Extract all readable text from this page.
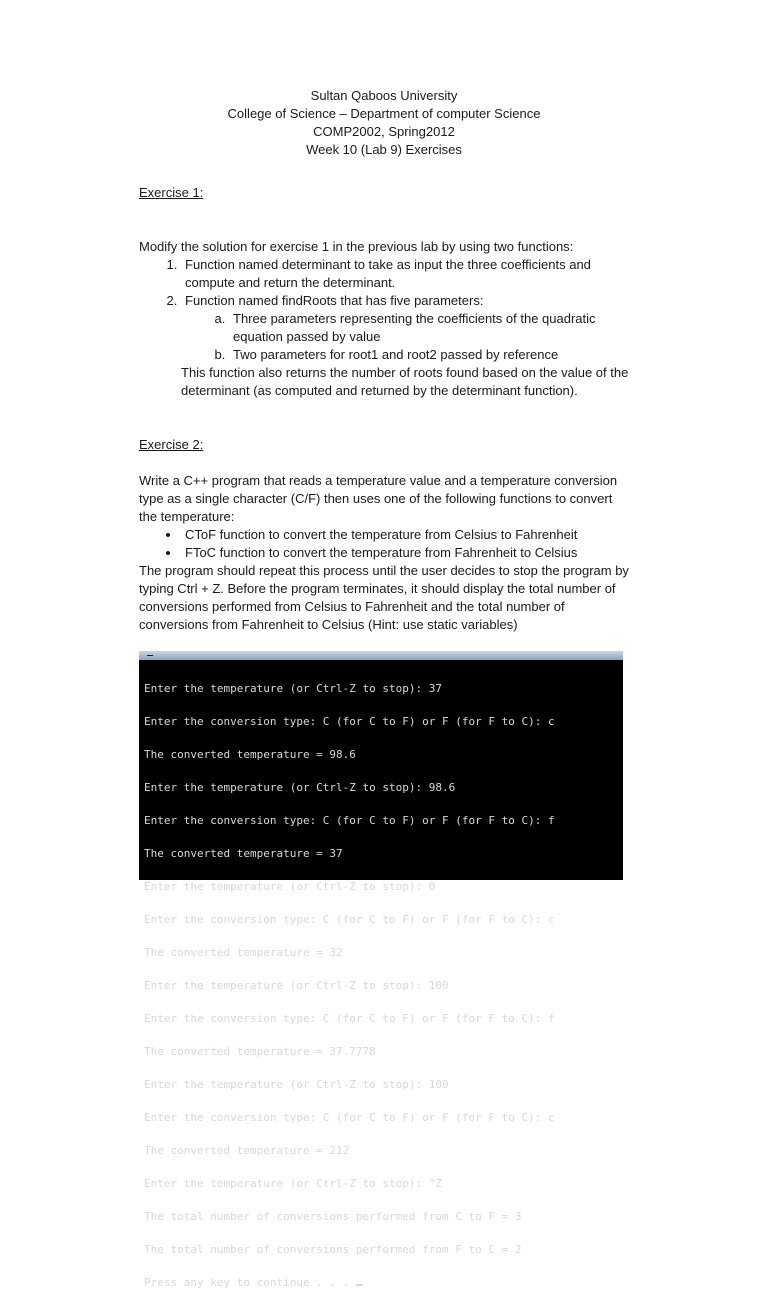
Sultan Qaboos University
College of Science – Department of computer Science
COMP2002, Spring2012
Week 10 (Lab 9) Exercises

Exercise 1:

Modify the solution for exercise 1 in the previous lab by using two functions:

1. Function named determinant to take as input the three coefficients and compute and return the determinant.
2. Function named findRoots that has five parameters:
a. Three parameters representing the coefficients of the quadratic equation passed by value
b. Two parameters for root1 and root2 passed by reference

This function also returns the number of roots found based on the value of the determinant (as computed and returned by the determinant function).

Exercise 2:

Write a C++ program that reads a temperature value and a temperature conversion type as a single character (C/F) then uses one of the following functions to convert the temperature:

• CToF function to convert the temperature from Celsius to Fahrenheit
• FToC function to convert the temperature from Fahrenheit to Celsius

The program should repeat this process until the user decides to stop the program by typing Ctrl + Z. Before the program terminates, it should display the total number of conversions performed from Celsius to Fahrenheit and the total number of conversions from Fahrenheit to Celsius (Hint: use static variables)

Enter the temperature (or Ctrl-Z to stop): 37

Enter the conversion type: C (for C to F) or F (for F to C): c

The converted temperature = 98.6

Enter the temperature (or Ctrl-Z to stop): 98.6

Enter the conversion type: C (for C to F) or F (for F to C): f

The converted temperature = 37

Enter the temperature (or Ctrl-Z to stop): 0

Enter the conversion type: C (for C to F) or F (for F to C): c

The converted temperature = 32

Enter the temperature (or Ctrl-Z to stop): 100

Enter the conversion type: C (for C to F) or F (for F to C): f

The converted temperature = 37.7778

Enter the temperature (or Ctrl-Z to stop): 100

Enter the conversion type: C (for C to F) or F (for F to C): c

The converted temperature = 212

Enter the temperature (or Ctrl-Z to stop): ^Z

The total number of conversions performed from C to F = 3

The total number of conversions performed from F to C = 2

Press any key to continue . . .
